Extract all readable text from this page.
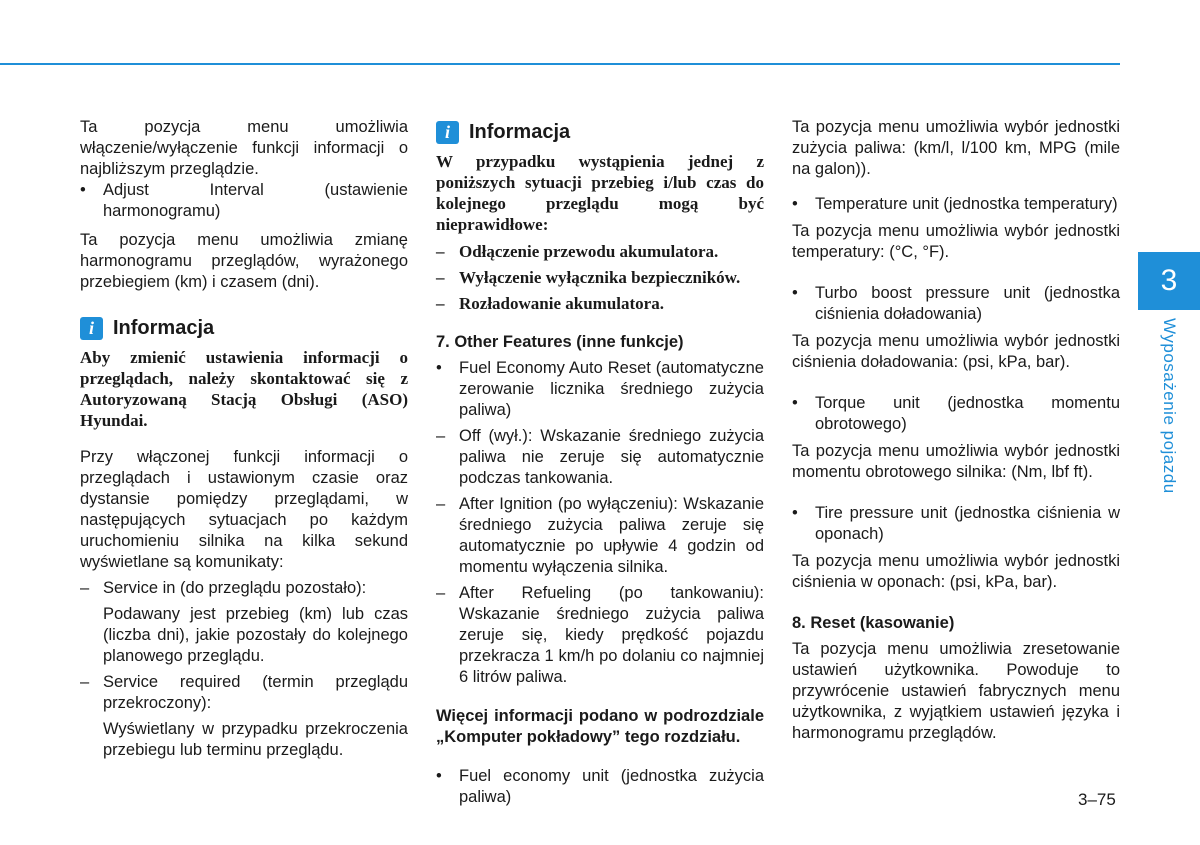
Ta pozycja menu umożliwia włączenie/wyłączenie funkcji informacji o najbliższym przeglądzie.

• Adjust Interval (ustawienie harmonogramu)

Ta pozycja menu umożliwia zmianę harmonogramu przeglądów, wyrażonego przebiegiem (km) i czasem (dni).

i Informacja

Aby zmienić ustawienia informacji o przeglądach, należy skontaktować się z Autoryzowaną Stacją Obsługi (ASO) Hyundai.

Przy włączonej funkcji informacji o przeglądach i ustawionym czasie oraz dystansie pomiędzy przeglądami, w następujących sytuacjach po każdym uruchomieniu silnika na kilka sekund wyświetlane są komunikaty:

– Service in (do przeglądu pozostało):

Podawany jest przebieg (km) lub czas (liczba dni), jakie pozostały do kolejnego planowego przeglądu.

– Service required (termin przeglądu przekroczony):

Wyświetlany w przypadku przekroczenia przebiegu lub terminu przeglądu.

i Informacja

W przypadku wystąpienia jednej z poniższych sytuacji przebieg i/lub czas do kolejnego przeglądu mogą być nieprawidłowe:

– Odłączenie przewodu akumulatora.
– Wyłączenie wyłącznika bezpieczników.
– Rozładowanie akumulatora.

7. Other Features (inne funkcje)

• Fuel Economy Auto Reset (automatyczne zerowanie licznika średniego zużycia paliwa)
– Off (wył.): Wskazanie średniego zużycia paliwa nie zeruje się automatycznie podczas tankowania.
– After Ignition (po wyłączeniu): Wskazanie średniego zużycia paliwa zeruje się automatycznie po upływie 4 godzin od momentu wyłączenia silnika.
– After Refueling (po tankowaniu): Wskazanie średniego zużycia paliwa zeruje się, kiedy prędkość pojazdu przekracza 1 km/h po dolaniu co najmniej 6 litrów paliwa.

Więcej informacji podano w podrozdziale „Komputer pokładowy” tego rozdziału.

• Fuel economy unit (jednostka zużycia paliwa)

Ta pozycja menu umożliwia wybór jednostki zużycia paliwa: (km/l, l/100 km, MPG (mile na galon)).

• Temperature unit (jednostka temperatury)

Ta pozycja menu umożliwia wybór jednostki temperatury: (°C, °F).

• Turbo boost pressure unit (jednostka ciśnienia doładowania)

Ta pozycja menu umożliwia wybór jednostki ciśnienia doładowania: (psi, kPa, bar).

• Torque unit (jednostka momentu obrotowego)

Ta pozycja menu umożliwia wybór jednostki momentu obrotowego silnika: (Nm, lbf ft).

• Tire pressure unit (jednostka ciśnienia w oponach)

Ta pozycja menu umożliwia wybór jednostki ciśnienia w oponach: (psi, kPa, bar).

8. Reset (kasowanie)

Ta pozycja menu umożliwia zresetowanie ustawień użytkownika. Powoduje to przywrócenie ustawień fabrycznych menu użytkownika, z wyjątkiem ustawień języka i harmonogramu przeglądów.

3
Wyposażenie pojazdu
3–75
